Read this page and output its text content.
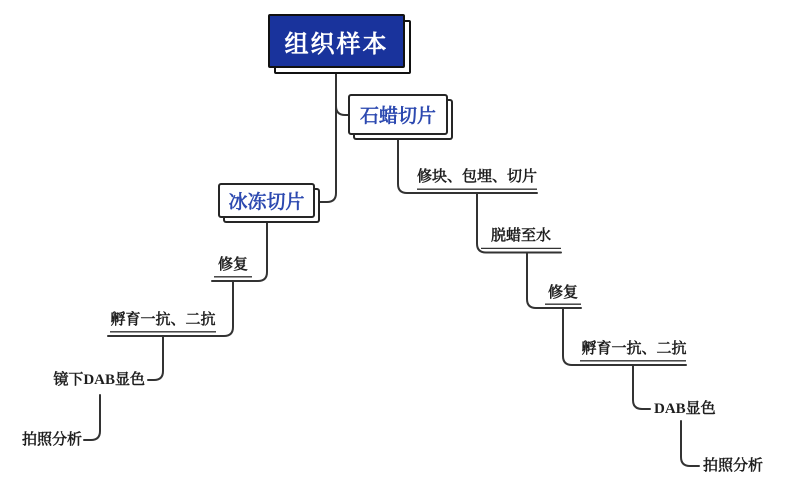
组织样本
石蜡切片
冰冻切片
修块、包埋、切片
脱蜡至水
修复
孵育一抗、二抗
DAB显色
拍照分析
修复
孵育一抗、二抗
镜下DAB显色
拍照分析
